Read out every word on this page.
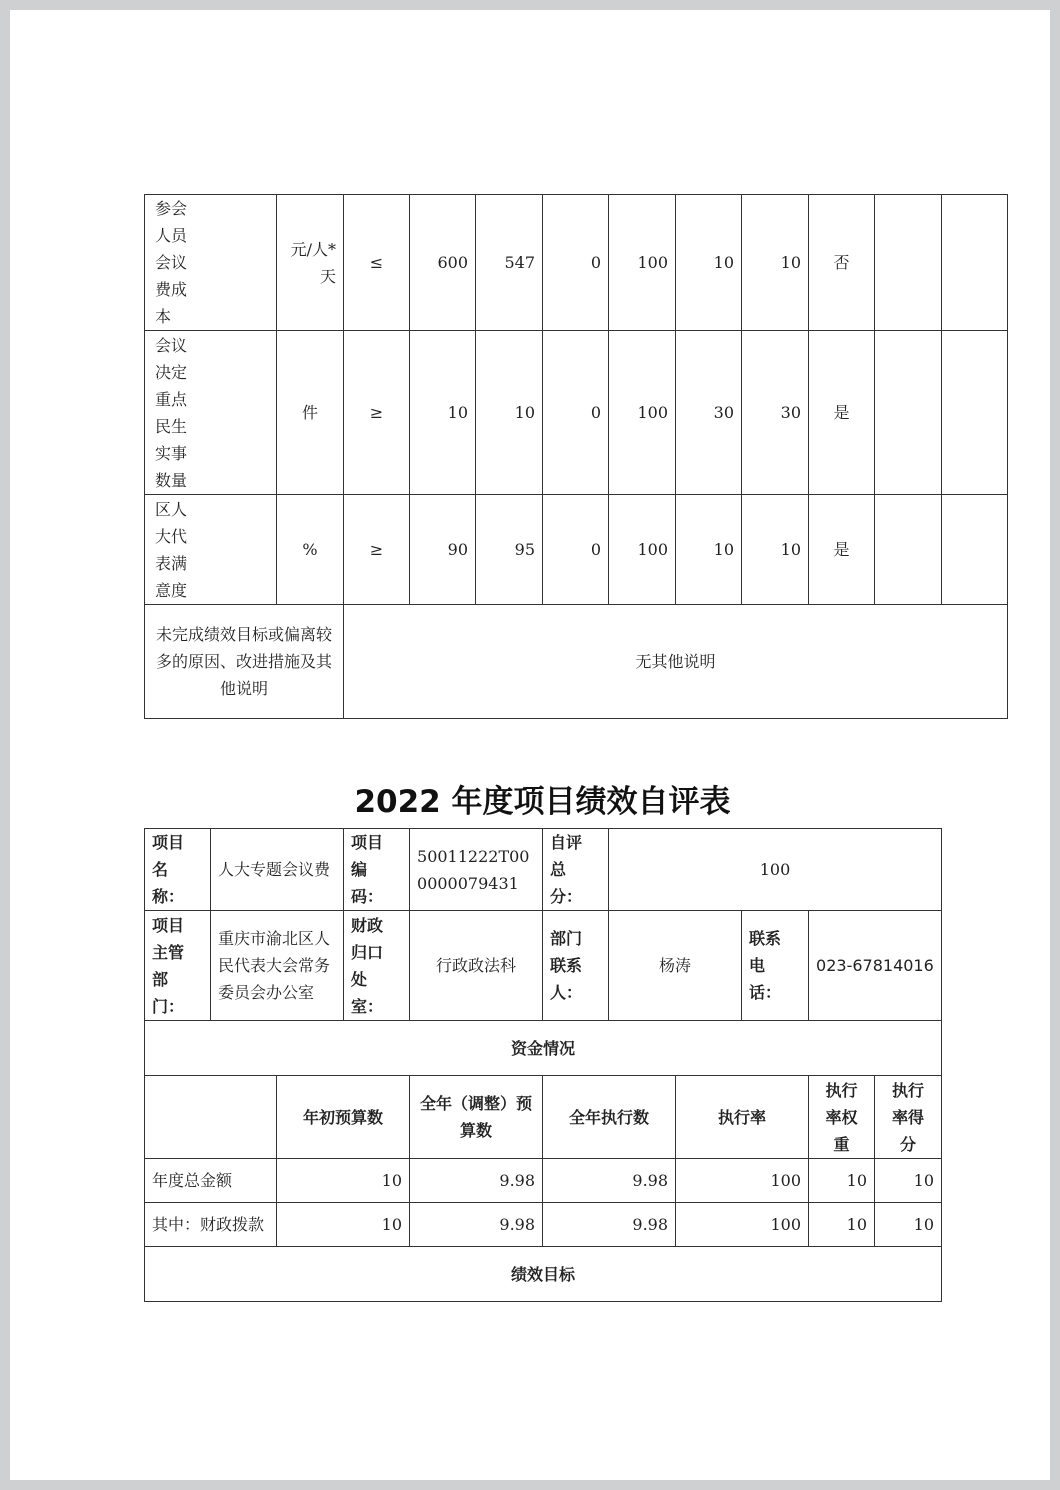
参会人员会议费成本	元/人*天	≤	600	547	0	100	10	10	否		
会议决定重点民生实事数量	件	≥	10	10	0	100	30	30	是		
区人大代表满意度	%	≥	90	95	0	100	10	10	是		
未完成绩效目标或偏离较多的原因、改进措施及其他说明		无其他说明									
2022 年度项目绩效自评表
项目名称：	人大专题会议费		项目编码：	50011222T000000079431	自评总分：	100				
项目主管部门：	重庆市渝北区人民代表大会常务委员会办公室		财政归口处室：	行政政法科	部门联系人：	杨涛		联系电话：	023-67814016	
资金情况										
		年初预算数		全年（调整）预算数	全年执行数		执行率		执行率权重	执行率得分
年度总金额		10		9.98	9.98		100		10	10
其中：财政拨款		10		9.98	9.98		100		10	10
绩效目标										
